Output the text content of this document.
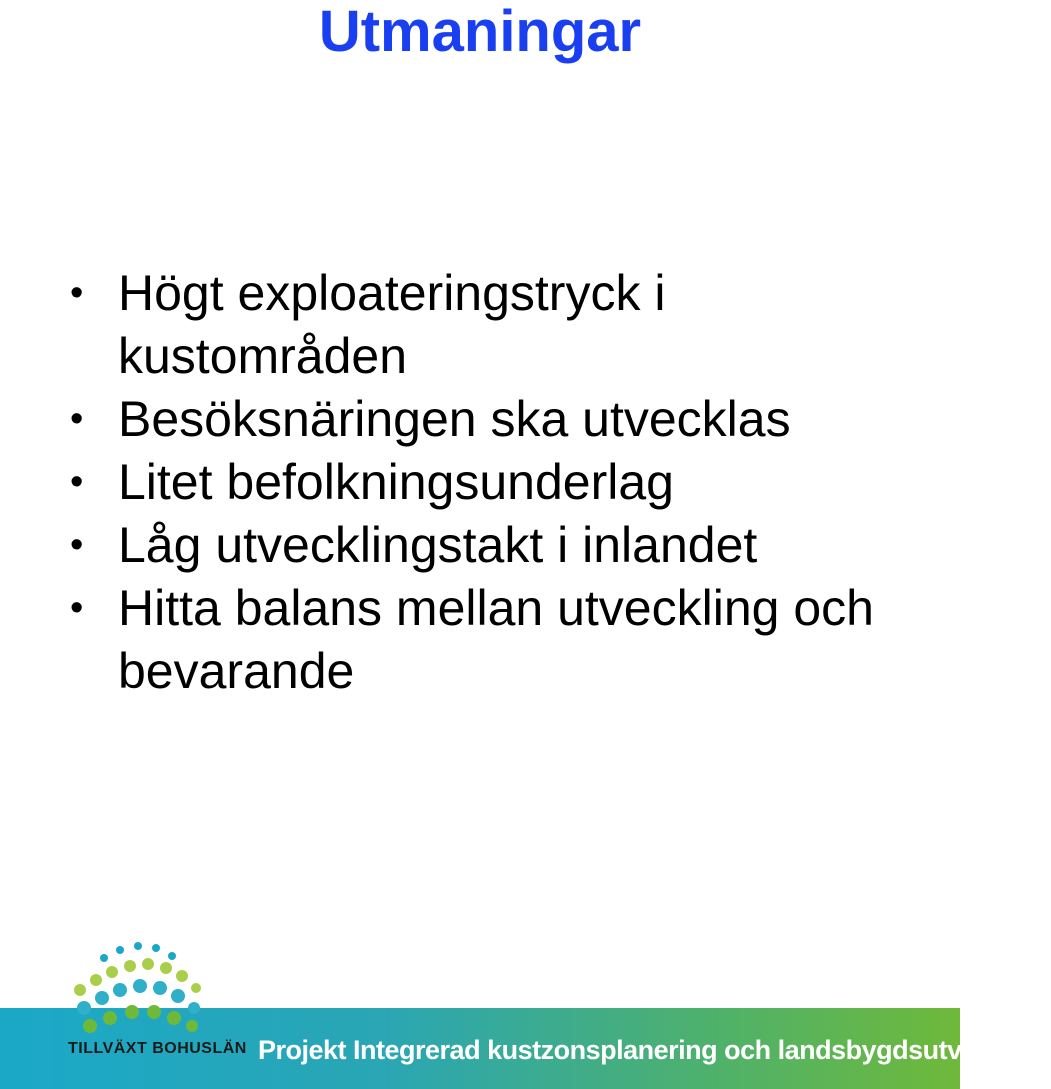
Utmaningar
• Högt exploateringstryck i kustområden
• Besöksnäringen ska utvecklas
• Litet befolkningsunderlag
• Låg utvecklingstakt i inlandet
• Hitta balans mellan utveckling och bevarande
TILLVÄXT BOHUSLÄN Projekt Integrerad kustzonsplanering och landsbygdsutveckling
